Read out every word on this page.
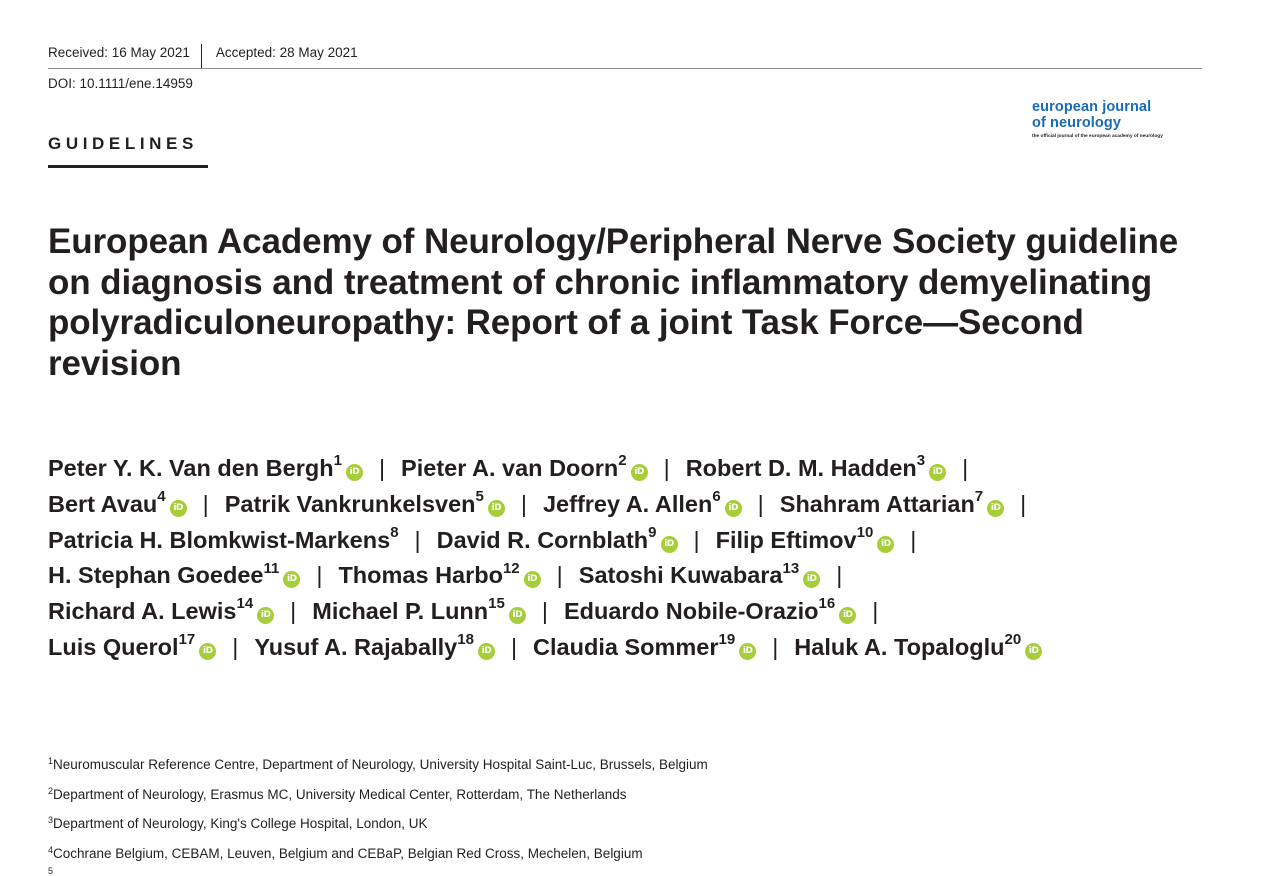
Received: 16 May 2021	Accepted: 28 May 2021
DOI: 10.1111/ene.14959
GUIDELINES
european journal
of neurology
the official journal of the european academy of neurology
European Academy of Neurology/Peripheral Nerve Society guideline on diagnosis and treatment of chronic inflammatory demyelinating polyradiculoneuropathy: Report of a joint Task Force—Second revision
Peter Y. K. Van den Bergh$^1$iD | Pieter A. van Doorn$^2$iD | Robert D. M. Hadden$^3$iD |
Bert Avau$^4$iD | Patrik Vankrunkelsven$^5$iD | Jeffrey A. Allen$^6$iD | Shahram Attarian$^7$iD |
Patricia H. Blomkwist-Markens$^8$ | David R. Cornblath$^9$iD | Filip Eftimov$^{10}$iD |
H. Stephan Goedee$^{11}$iD | Thomas Harbo$^{12}$iD | Satoshi Kuwabara$^{13}$iD |
Richard A. Lewis$^{14}$iD | Michael P. Lunn$^{15}$iD | Eduardo Nobile-Orazio$^{16}$iD |
Luis Querol$^{17}$iD | Yusuf A. Rajabally$^{18}$iD | Claudia Sommer$^{19}$iD | Haluk A. Topaloglu$^{20}$iD
$^1$Neuromuscular Reference Centre, Department of Neurology, University Hospital Saint-Luc, Brussels, Belgium
$^2$Department of Neurology, Erasmus MC, University Medical Center, Rotterdam, The Netherlands
$^3$Department of Neurology, King's College Hospital, London, UK
$^4$Cochrane Belgium, CEBAM, Leuven, Belgium and CEBaP, Belgian Red Cross, Mechelen, Belgium
5
